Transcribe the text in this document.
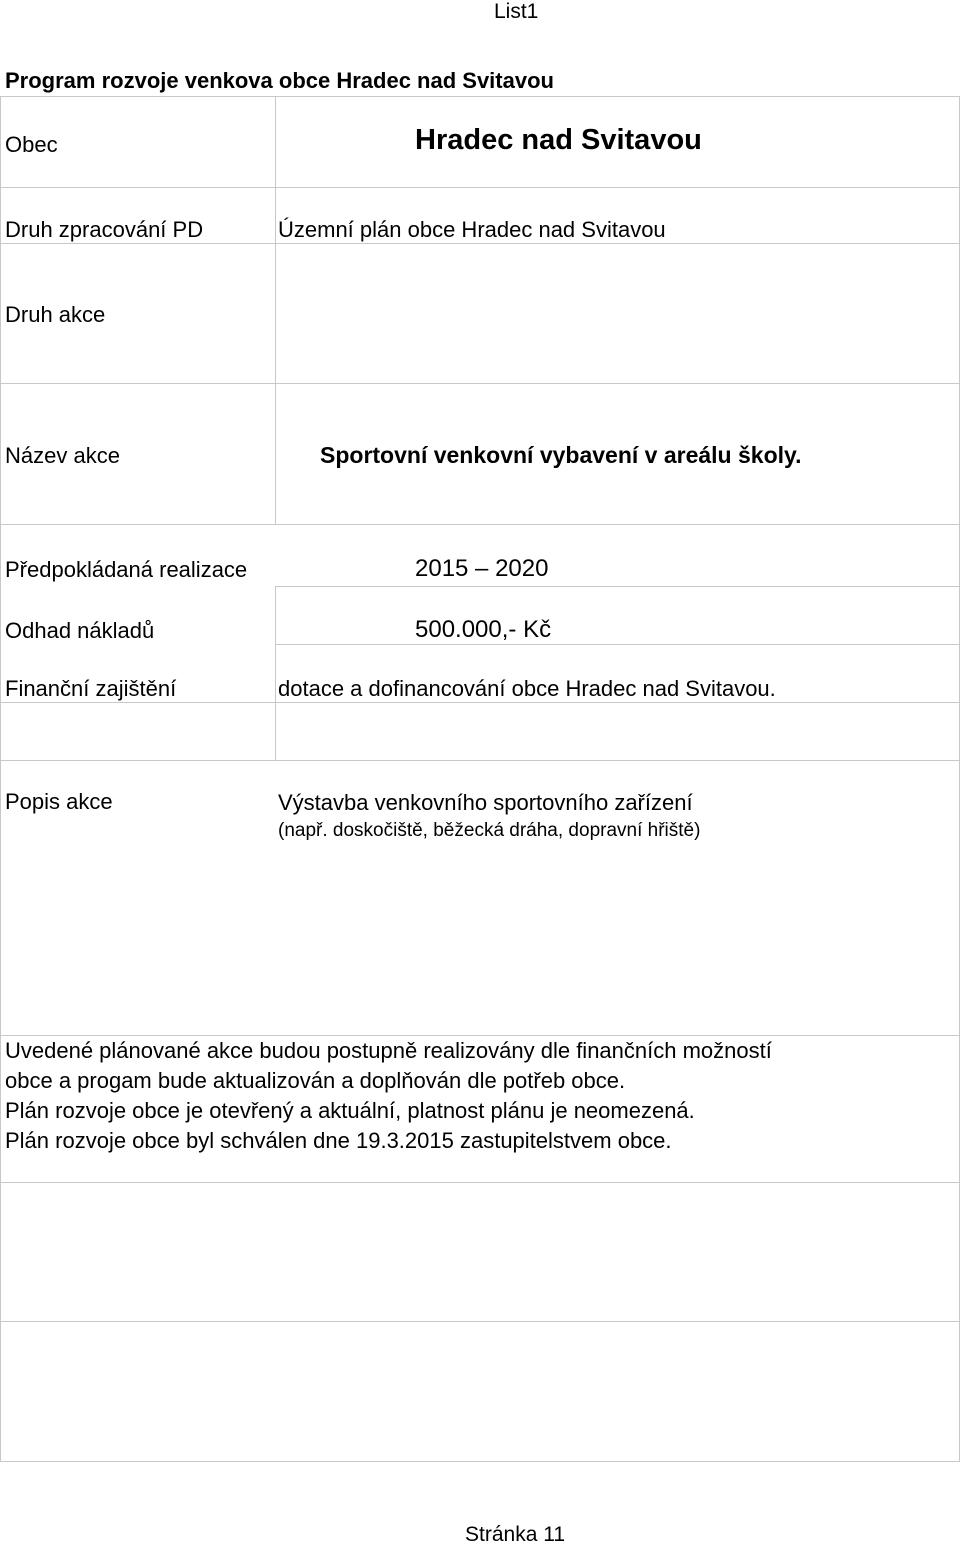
List1
Program rozvoje venkova obce Hradec nad Svitavou
Obec	Hradec nad Svitavou
Druh zpracování PD	Územní plán obce Hradec nad Svitavou
Druh akce
Název akce	Sportovní venkovní vybavení v areálu školy.
Předpokládaná realizace	2015 – 2020
Odhad nákladů	500.000,- Kč
Finanční zajištění	dotace a dofinancování obce Hradec nad Svitavou.
Popis akce	Výstavba venkovního sportovního zařízení
(např. doskočiště, běžecká dráha, dopravní hřiště)
Uvedené plánované akce budou postupně realizovány dle finančních možností
obce a progam bude aktualizován a doplňován dle potřeb obce.
Plán rozvoje obce je otevřený a aktuální, platnost plánu je neomezená.
Plán rozvoje obce byl schválen dne 19.3.2015 zastupitelstvem obce.
Stránka 11
